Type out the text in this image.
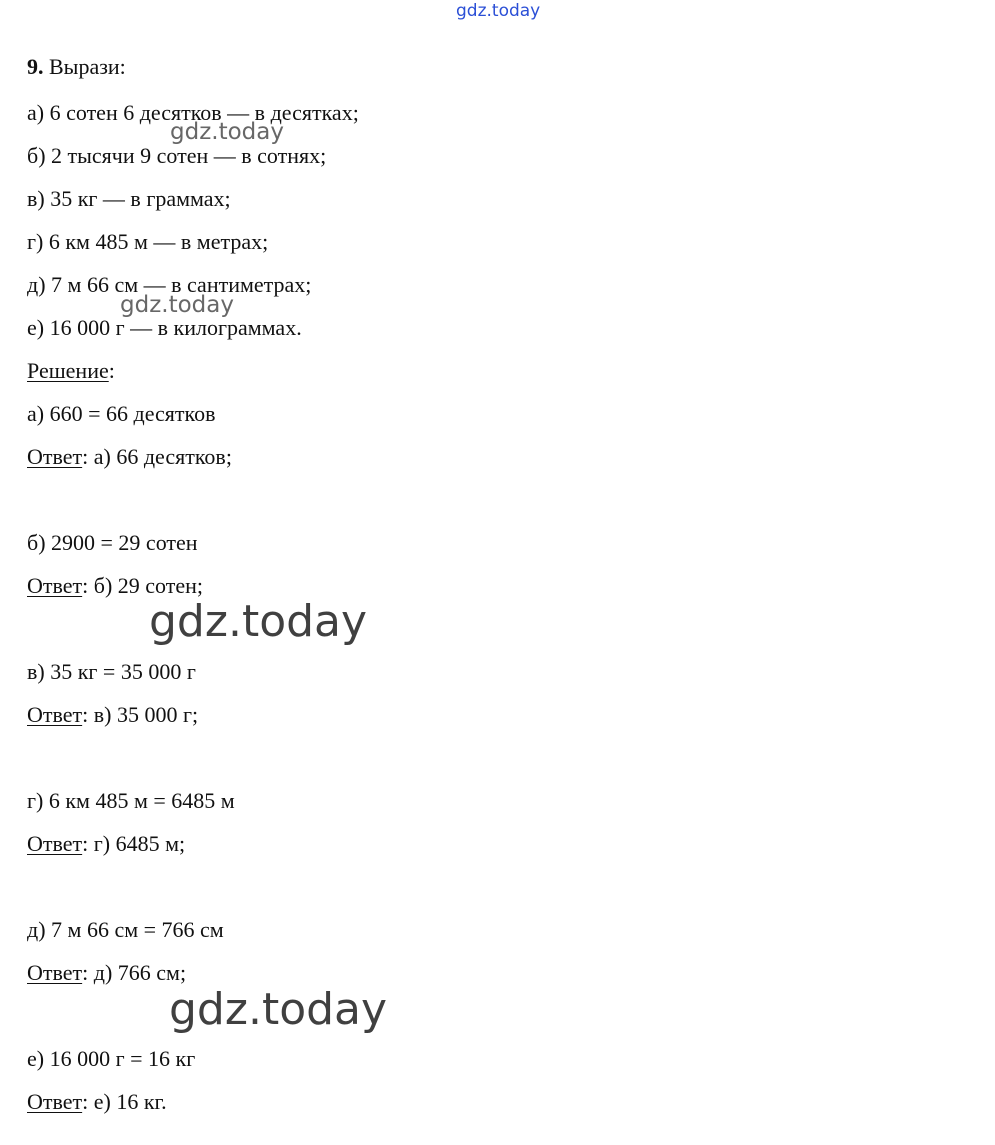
gdz.today
gdz.today
gdz.today
gdz.today
gdz.today
9. Вырази:
а) 6 сотен 6 десятков — в десятках;
б) 2 тысячи 9 сотен — в сотнях;
в) 35 кг — в граммах;
г) 6 км 485 м — в метрах;
д) 7 м 66 см — в сантиметрах;
е) 16 000 г — в килограммах.
Решение:
а) 660 = 66 десятков
Ответ: а) 66 десятков;
б) 2900 = 29 сотен
Ответ: б) 29 сотен;
в) 35 кг = 35 000 г
Ответ: в) 35 000 г;
г) 6 км 485 м = 6485 м
Ответ: г) 6485 м;
д) 7 м 66 см = 766 см
Ответ: д) 766 см;
е) 16 000 г = 16 кг
Ответ: е) 16 кг.
